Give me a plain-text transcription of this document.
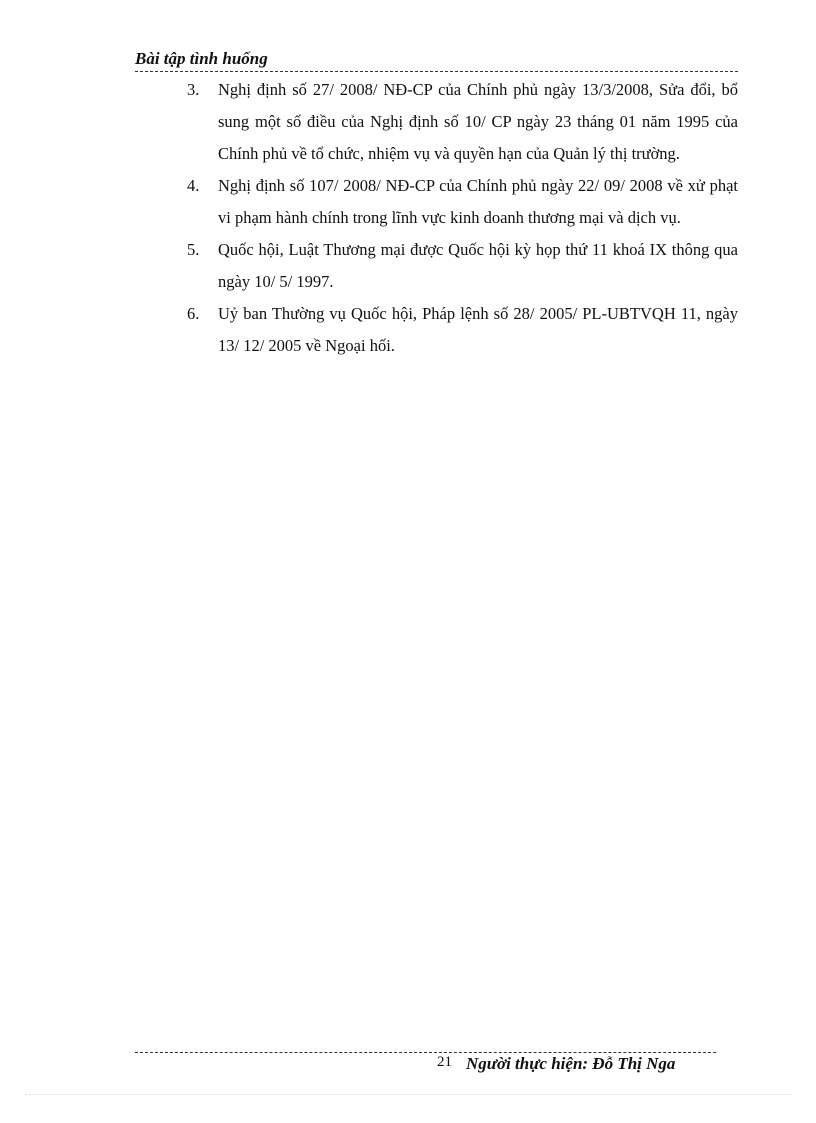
Bài tập tình huống
3.	Nghị định số 27/ 2008/ NĐ-CP của Chính phủ ngày 13/3/2008, Sửa đổi, bổ sung một số điều của Nghị định số 10/ CP ngày 23 tháng 01 năm 1995 của Chính phủ về tổ chức, nhiệm vụ và quyền hạn của Quản lý thị trường.
4.	Nghị định số 107/ 2008/ NĐ-CP của Chính phủ ngày 22/ 09/ 2008 về xử phạt vi phạm hành chính trong lĩnh vực kinh doanh thương mại và dịch vụ.
5.	Quốc hội, Luật Thương mại được Quốc hội kỳ họp thứ 11 khoá IX thông qua ngày 10/ 5/ 1997.
6.	Uỷ ban Thường vụ Quốc hội, Pháp lệnh số 28/ 2005/ PL-UBTVQH 11, ngày 13/ 12/ 2005 về Ngoại hối.
21 Người thực hiện: Đỗ Thị Nga
